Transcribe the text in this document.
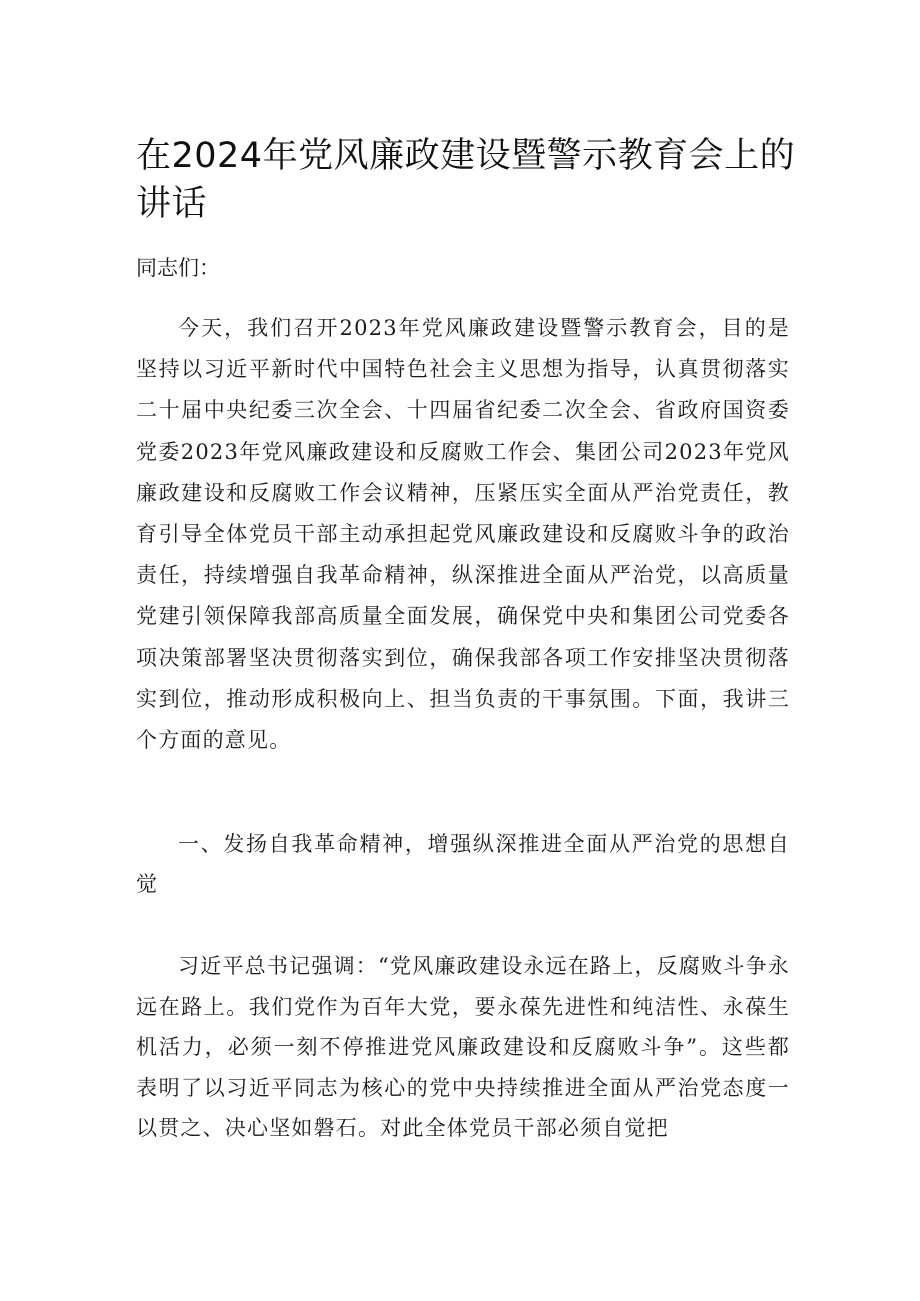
在2024年党风廉政建设暨警示教育会上的讲话

同志们：

今天，我们召开2023年党风廉政建设暨警示教育会，目的是坚持以习近平新时代中国特色社会主义思想为指导，认真贯彻落实二十届中央纪委三次全会、十四届省纪委二次全会、省政府国资委党委2023年党风廉政建设和反腐败工作会、集团公司2023年党风廉政建设和反腐败工作会议精神，压紧压实全面从严治党责任，教育引导全体党员干部主动承担起党风廉政建设和反腐败斗争的政治责任，持续增强自我革命精神，纵深推进全面从严治党，以高质量党建引领保障我部高质量全面发展，确保党中央和集团公司党委各项决策部署坚决贯彻落实到位，确保我部各项工作安排坚决贯彻落实到位，推动形成积极向上、担当负责的干事氛围。下面，我讲三个方面的意见。

一、发扬自我革命精神，增强纵深推进全面从严治党的思想自觉

习近平总书记强调：“党风廉政建设永远在路上，反腐败斗争永远在路上。我们党作为百年大党，要永葆先进性和纯洁性、永葆生机活力，必须一刻不停推进党风廉政建设和反腐败斗争”。这些都表明了以习近平同志为核心的党中央持续推进全面从严治党态度一以贯之、决心坚如磐石。对此全体党员干部必须自觉把
